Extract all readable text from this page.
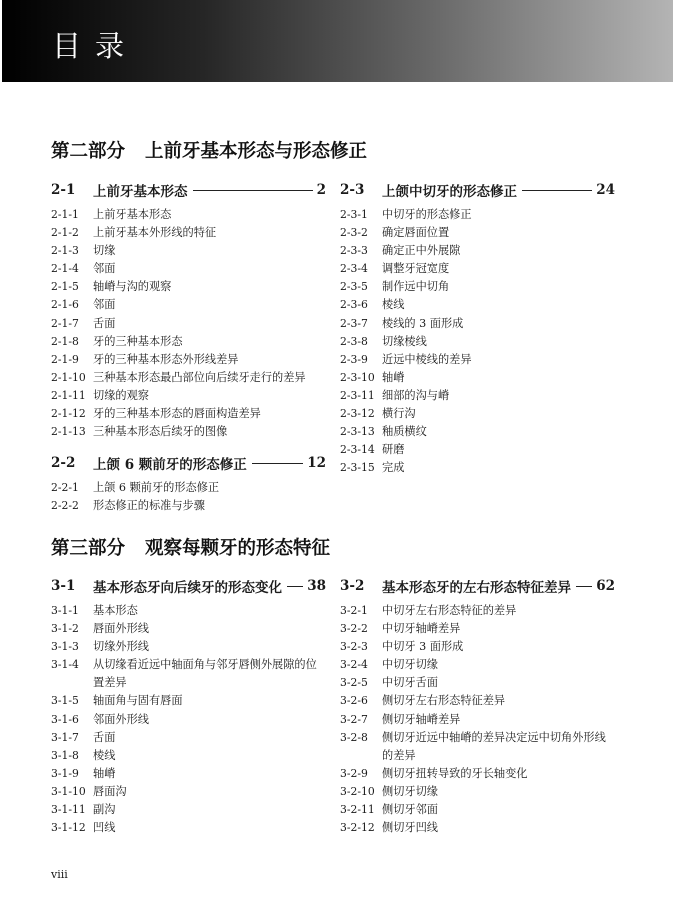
目录
第二部分 上前牙基本形态与形态修正
2-1	上前牙基本形态	2
2-1-1	上前牙基本形态
2-1-2	上前牙基本外形线的特征
2-1-3	切缘
2-1-4	邻面
2-1-5	轴嵴与沟的观察
2-1-6	邻面
2-1-7	舌面
2-1-8	牙的三种基本形态
2-1-9	牙的三种基本形态外形线差异
2-1-10 三种基本形态最凸部位向后续牙走行的差异
2-1-11 切缘的观察
2-1-12 牙的三种基本形态的唇面构造差异
2-1-13 三种基本形态后续牙的图像
2-2	上颌 6 颗前牙的形态修正	12
2-2-1	上颌 6 颗前牙的形态修正
2-2-2	形态修正的标准与步骤
2-3	上颌中切牙的形态修正	24
2-3-1	中切牙的形态修正
2-3-2	确定唇面位置
2-3-3	确定正中外展隙
2-3-4	调整牙冠宽度
2-3-5	制作远中切角
2-3-6	棱线
2-3-7	棱线的 3 面形成
2-3-8	切缘棱线
2-3-9	近远中棱线的差异
2-3-10 轴嵴
2-3-11 细部的沟与嵴
2-3-12 横行沟
2-3-13 釉质横纹
2-3-14 研磨
2-3-15 完成
第三部分 观察每颗牙的形态特征
3-1	基本形态牙向后续牙的形态变化 38
3-1-1	基本形态
3-1-2	唇面外形线
3-1-3	切缘外形线
3-1-4	从切缘看近远中轴面角与邻牙唇侧外展隙的位置差异
3-1-5	轴面角与固有唇面
3-1-6	邻面外形线
3-1-7	舌面
3-1-8	棱线
3-1-9	轴嵴
3-1-10 唇面沟
3-1-11 副沟
3-1-12 凹线
3-2	基本形态牙的左右形态特征差异 62
3-2-1	中切牙左右形态特征的差异
3-2-2	中切牙轴嵴差异
3-2-3	中切牙 3 面形成
3-2-4	中切牙切缘
3-2-5	中切牙舌面
3-2-6	侧切牙左右形态特征差异
3-2-7	侧切牙轴嵴差异
3-2-8	侧切牙近远中轴嵴的差异决定远中切角外形线的差异
3-2-9	侧切牙扭转导致的牙长轴变化
3-2-10 侧切牙切缘
3-2-11 侧切牙邻面
3-2-12 侧切牙凹线
viii
